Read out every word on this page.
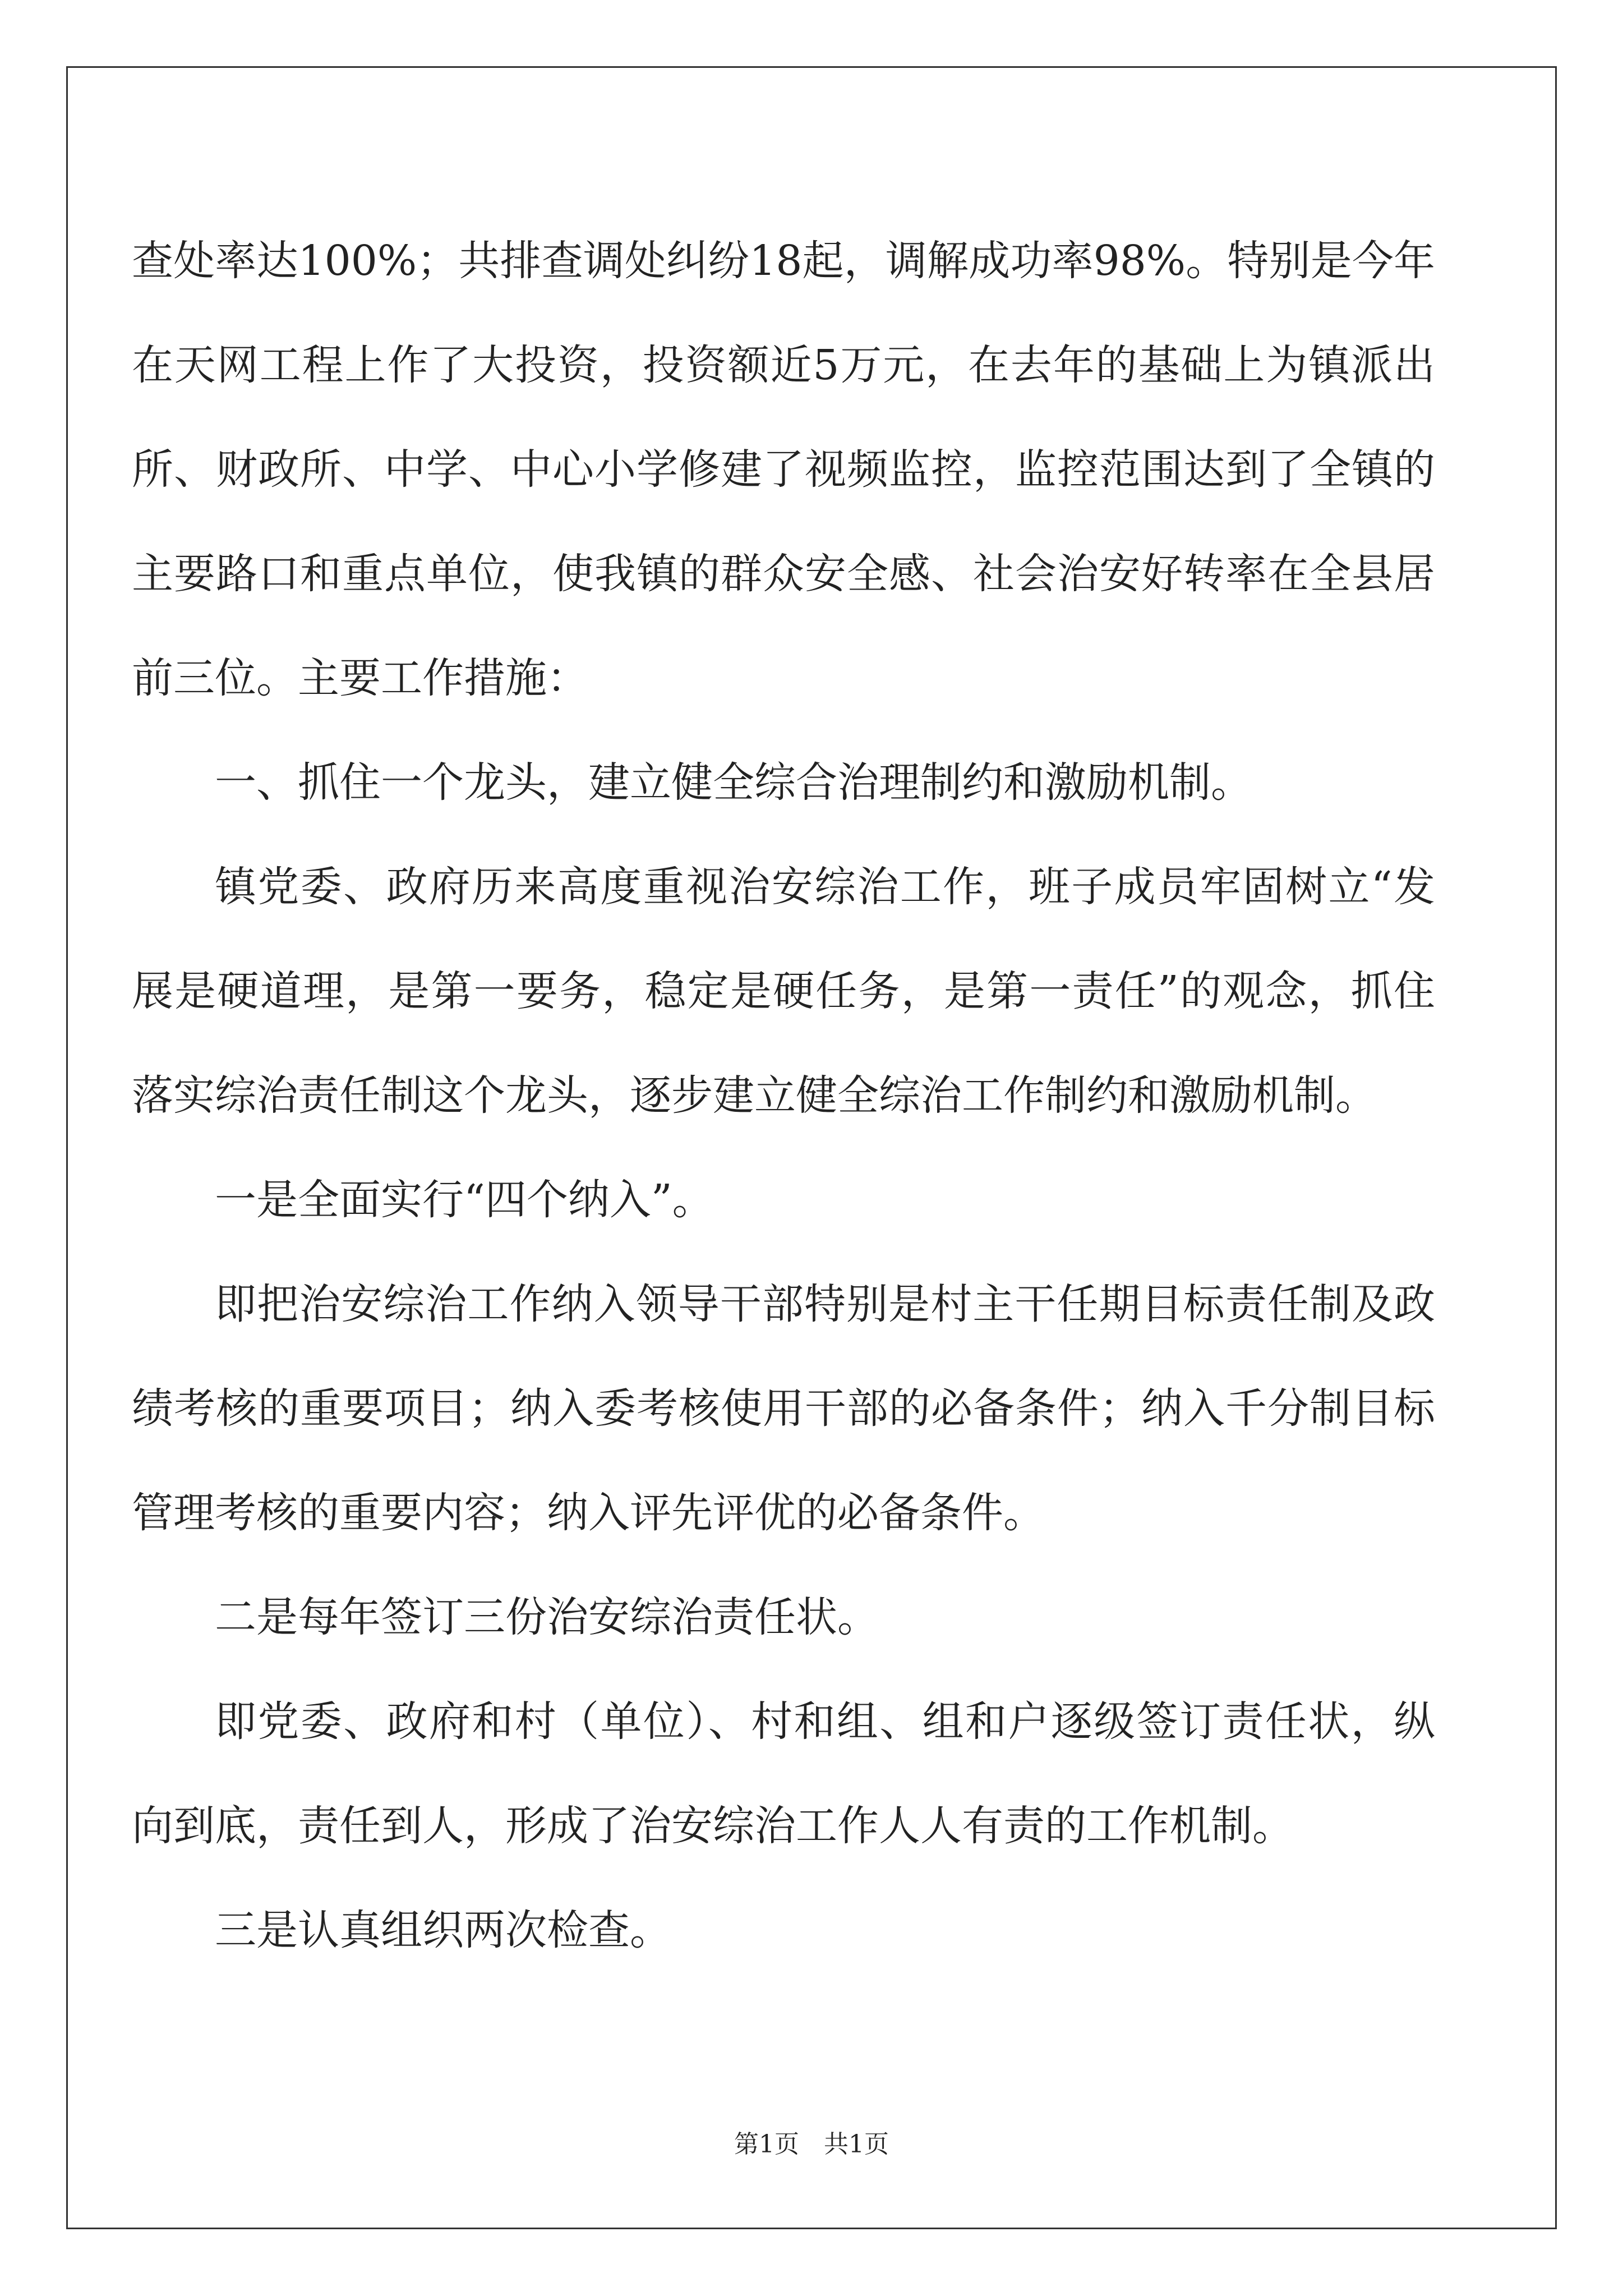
查处率达100%；共排查调处纠纷18起，调解成功率98%。特别是今年在天网工程上作了大投资，投资额近5万元，在去年的基础上为镇派出所、财政所、中学、中心小学修建了视频监控，监控范围达到了全镇的主要路口和重点单位，使我镇的群众安全感、社会治安好转率在全县居前三位。主要工作措施：

一、抓住一个龙头，建立健全综合治理制约和激励机制。

镇党委、政府历来高度重视治安综治工作，班子成员牢固树立“发展是硬道理，是第一要务，稳定是硬任务，是第一责任”的观念，抓住落实综治责任制这个龙头，逐步建立健全综治工作制约和激励机制。

一是全面实行“四个纳入”。

即把治安综治工作纳入领导干部特别是村主干任期目标责任制及政绩考核的重要项目；纳入委考核使用干部的必备条件；纳入千分制目标管理考核的重要内容；纳入评先评优的必备条件。

二是每年签订三份治安综治责任状。

即党委、政府和村（单位）、村和组、组和户逐级签订责任状，纵向到底，责任到人，形成了治安综治工作人人有责的工作机制。

三是认真组织两次检查。

第1页　共1页
